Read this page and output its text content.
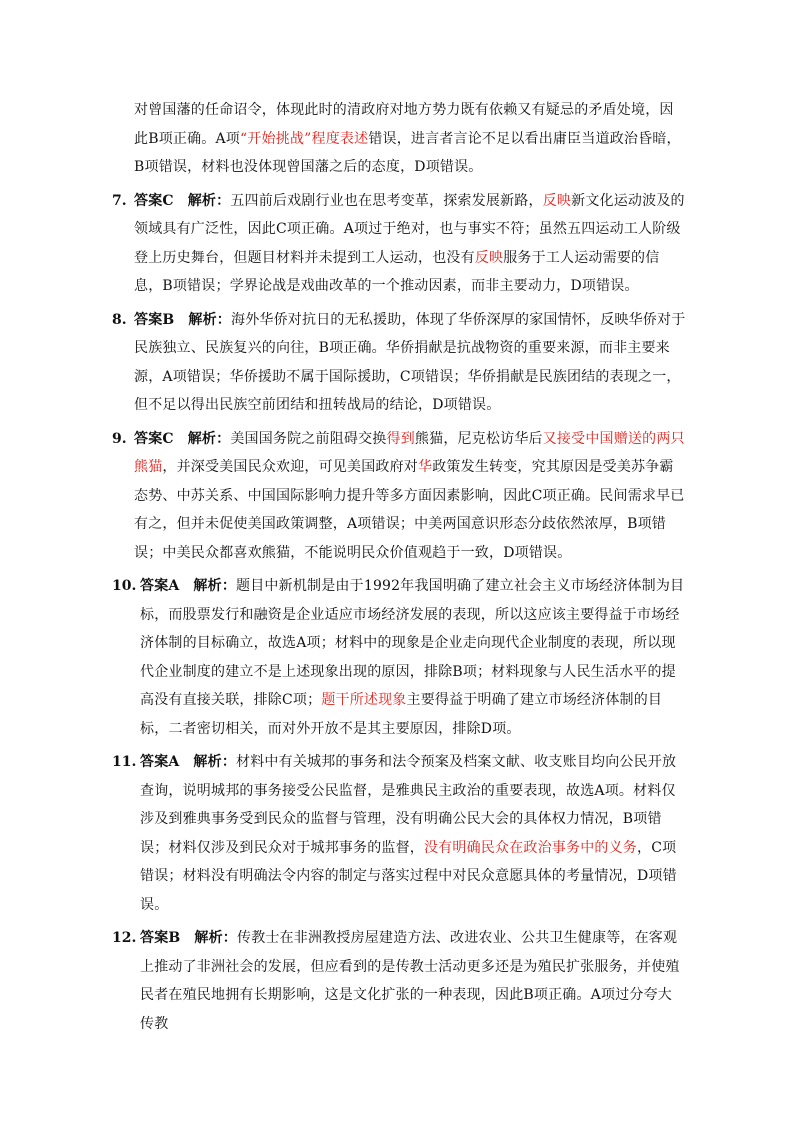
对曾国藩的任命诏令，体现此时的清政府对地方势力既有依赖又有疑忌的矛盾处境，因此B项正确。A项“开始挑战”程度表述错误，进言者言论不足以看出庸臣当道政治昏暗，B项错误，材料也没体现曾国藩之后的态度，D项错误。

7. 答案C 解析：五四前后戏剧行业也在思考变革，探索发展新路，反映新文化运动波及的领域具有广泛性，因此C项正确。A项过于绝对，也与事实不符；虽然五四运动工人阶级登上历史舞台，但题目材料并未提到工人运动，也没有反映服务于工人运动需要的信息，B项错误；学界论战是戏曲改革的一个推动因素，而非主要动力，D项错误。

8. 答案B 解析：海外华侨对抗日的无私援助，体现了华侨深厚的家国情怀，反映华侨对于民族独立、民族复兴的向往，B项正确。华侨捐献是抗战物资的重要来源，而非主要来源，A项错误；华侨援助不属于国际援助，C项错误；华侨捐献是民族团结的表现之一，但不足以得出民族空前团结和扭转战局的结论，D项错误。

9. 答案C 解析：美国国务院之前阻碍交换得到熊猫，尼克松访华后又接受中国赠送的两只熊猫，并深受美国民众欢迎，可见美国政府对华政策发生转变，究其原因是受美苏争霸态势、中苏关系、中国国际影响力提升等多方面因素影响，因此C项正确。民间需求早已有之，但并未促使美国政策调整，A项错误；中美两国意识形态分歧依然浓厚，B项错误；中美民众都喜欢熊猫，不能说明民众价值观趋于一致，D项错误。

10. 答案A 解析：题目中新机制是由于1992年我国明确了建立社会主义市场经济体制为目标，而股票发行和融资是企业适应市场经济发展的表现，所以这应该主要得益于市场经济体制的目标确立，故选A项；材料中的现象是企业走向现代企业制度的表现，所以现代企业制度的建立不是上述现象出现的原因，排除B项；材料现象与人民生活水平的提高没有直接关联，排除C项；题干所述现象主要得益于明确了建立市场经济体制的目标，二者密切相关，而对外开放不是其主要原因，排除D项。

11. 答案A 解析：材料中有关城邦的事务和法令预案及档案文献、收支账目均向公民开放查询，说明城邦的事务接受公民监督，是雅典民主政治的重要表现，故选A项。材料仅涉及到雅典事务受到民众的监督与管理，没有明确公民大会的具体权力情况，B项错误；材料仅涉及到民众对于城邦事务的监督，没有明确民众在政治事务中的义务，C项错误；材料没有明确法令内容的制定与落实过程中对民众意愿具体的考量情况，D项错误。

12. 答案B 解析：传教士在非洲教授房屋建造方法、改进农业、公共卫生健康等，在客观上推动了非洲社会的发展，但应看到的是传教士活动更多还是为殖民扩张服务，并使殖民者在殖民地拥有长期影响，这是文化扩张的一种表现，因此B项正确。A项过分夸大传教
